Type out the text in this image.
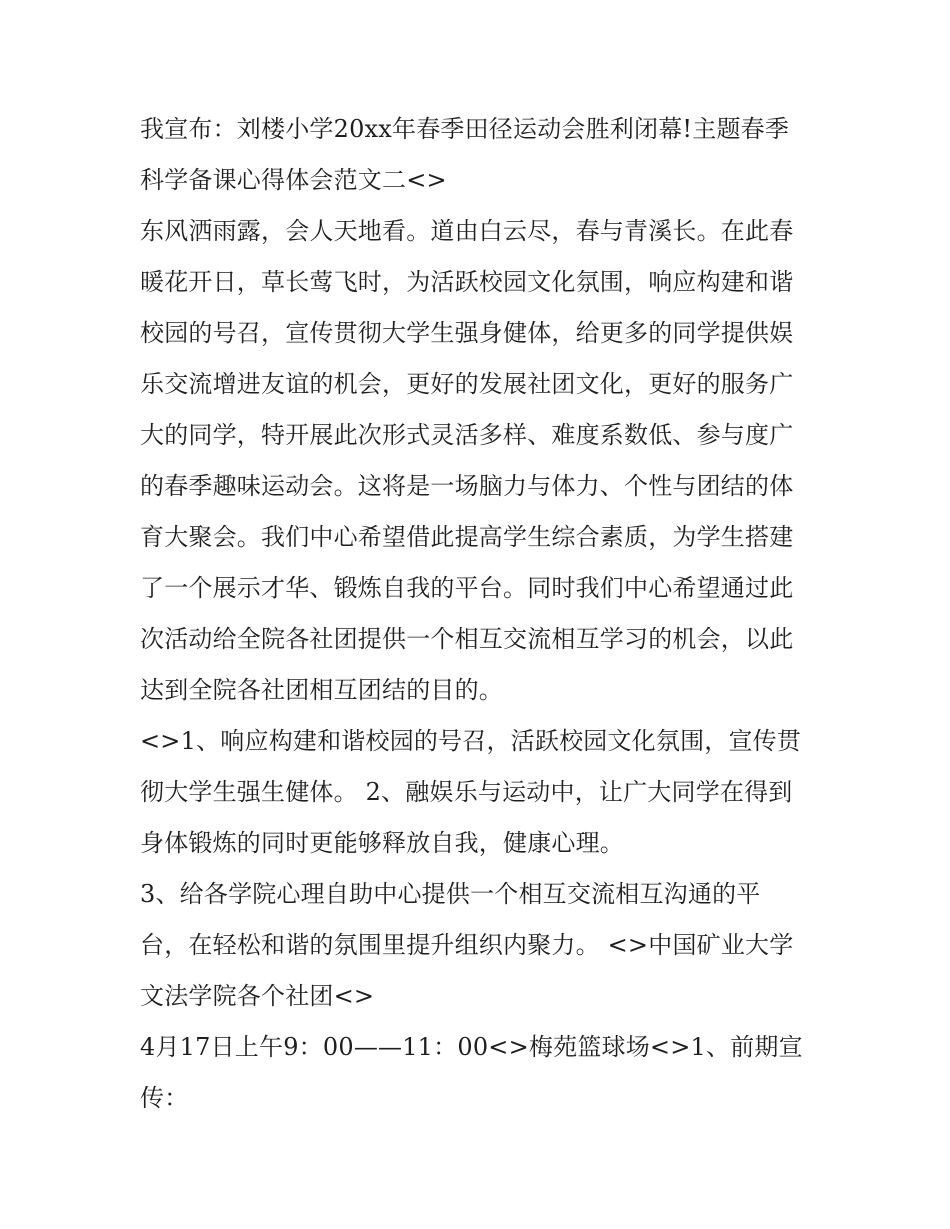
我宣布：刘楼小学20xx年春季田径运动会胜利闭幕!主题春季
科学备课心得体会范文二<>
东风洒雨露，会人天地看。道由白云尽，春与青溪长。在此春
暖花开日，草长莺飞时，为活跃校园文化氛围，响应构建和谐
校园的号召，宣传贯彻大学生强身健体，给更多的同学提供娱
乐交流增进友谊的机会，更好的发展社团文化，更好的服务广
大的同学，特开展此次形式灵活多样、难度系数低、参与度广
的春季趣味运动会。这将是一场脑力与体力、个性与团结的体
育大聚会。我们中心希望借此提高学生综合素质，为学生搭建
了一个展示才华、锻炼自我的平台。同时我们中心希望通过此
次活动给全院各社团提供一个相互交流相互学习的机会，以此
达到全院各社团相互团结的目的。
<>1、响应构建和谐校园的号召，活跃校园文化氛围，宣传贯
彻大学生强生健体。 2、融娱乐与运动中，让广大同学在得到
身体锻炼的同时更能够释放自我，健康心理。
3、给各学院心理自助中心提供一个相互交流相互沟通的平
台，在轻松和谐的氛围里提升组织内聚力。 <>中国矿业大学
文法学院各个社团<>
4月17日上午9：00——11：00<>梅苑篮球场<>1、前期宣
传：
